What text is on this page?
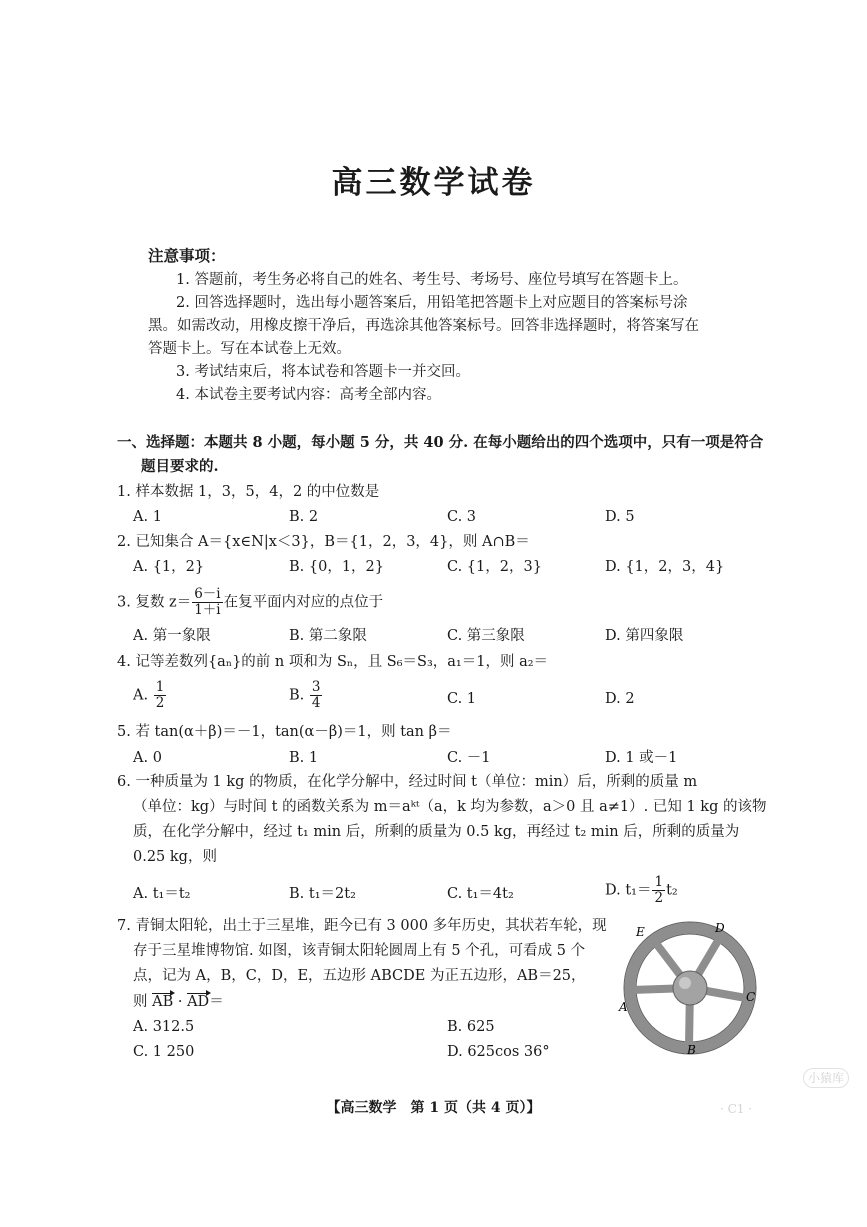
高三数学试卷
注意事项：
1. 答题前，考生务必将自己的姓名、考生号、考场号、座位号填写在答题卡上。
2. 回答选择题时，选出每小题答案后，用铅笔把答题卡上对应题目的答案标号涂
黑。如需改动，用橡皮擦干净后，再选涂其他答案标号。回答非选择题时，将答案写在
答题卡上。写在本试卷上无效。
3. 考试结束后，将本试卷和答题卡一并交回。
4. 本试卷主要考试内容：高考全部内容。
一、选择题：本题共 8 小题，每小题 5 分，共 40 分. 在每小题给出的四个选项中，只有一项是符合
题目要求的.
1. 样本数据 1，3，5，4，2 的中位数是
A. 1	B. 2	C. 3	D. 5
2. 已知集合 A＝{x∈N|x＜3}，B＝{1，2，3，4}，则 A∩B＝
A. {1，2}	B. {0，1，2}	C. {1，2，3}	D. {1，2，3，4}
3. 复数 $z= \frac{6-i}{1+i}$ 在复平面内对应的点位于
A. 第一象限	B. 第二象限	C. 第三象限	D. 第四象限
4. 记等差数列{aₙ}的前 n 项和为 Sₙ，且 S₆＝S₃，a₁＝1，则 a₂＝
A. $\frac{1}{2}$	B. $\frac{3}{4}$	C. 1	D. 2
5. 若 tan(α＋β)＝－1，tan(α－β)＝1，则 tan β＝
A. 0	B. 1	C. －1	D. 1 或－1
6. 一种质量为 1 kg 的物质，在化学分解中，经过时间 t（单位：min）后，所剩的质量 m
（单位：kg）与时间 t 的函数关系为 m＝aᵏᵗ（a，k 均为参数，a＞0 且 a≠1）. 已知 1 kg 的该物
质，在化学分解中，经过 t₁ min 后，所剩的质量为 0.5 kg，再经过 t₂ min 后，所剩的质量为
0.25 kg，则
A. t₁＝t₂	B. t₁＝2t₂	C. t₁＝4t₂	D. $t_1= \frac{1}{2} t_2$
7. 青铜太阳轮，出土于三星堆，距今已有 3 000 多年历史，其状若车轮，现
存于三星堆博物馆. 如图，该青铜太阳轮圆周上有 5 个孔，可看成 5 个
点，记为 A，B，C，D，E，五边形 ABCDE 为正五边形，AB＝25，
则 AB · AD＝
A. 312.5	B. 625
C. 1 250	D. 625cos 36°
E	D
C
B
A
小猿库
【高三数学　第 1 页（共 4 页）】	· C1 ·
